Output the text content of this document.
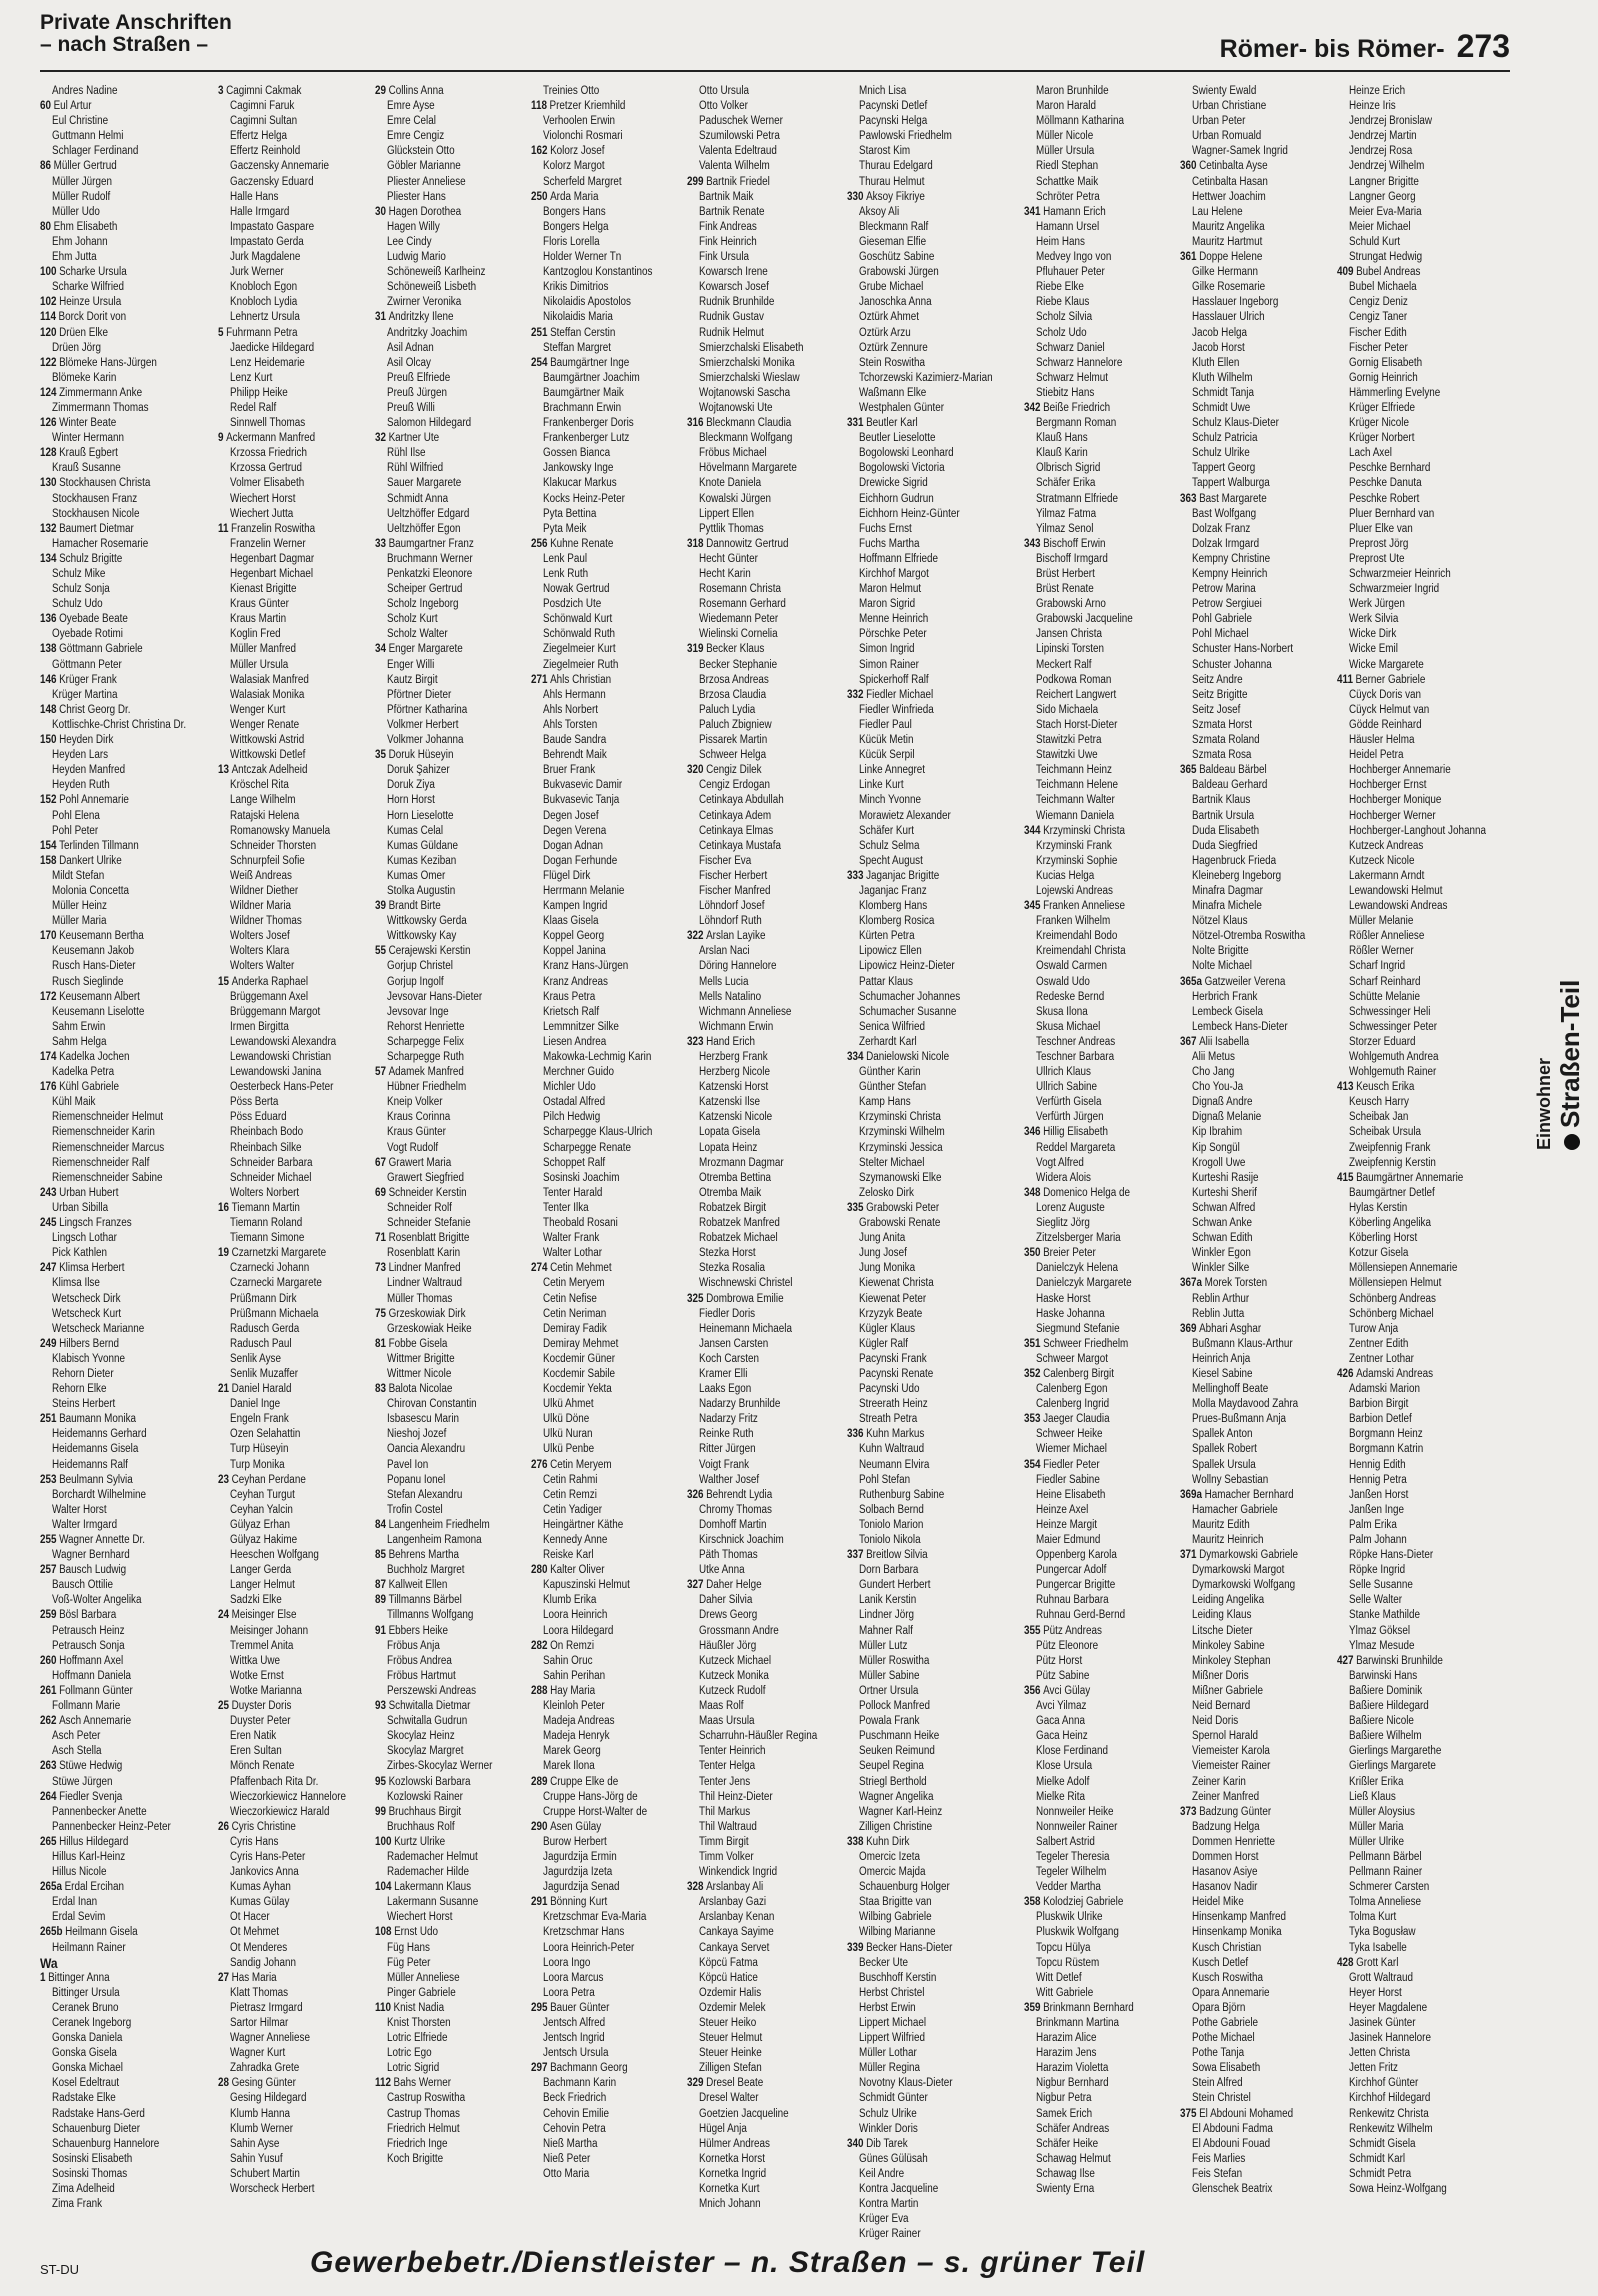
Private Anschriften
– nach Straßen –	Römer- bis Römer- 273
Andres Nadine
60 Eul Artur
Eul Christine
Guttmann Helmi
Schlager Ferdinand
86 Müller Gertrud
Müller Jürgen
Müller Rudolf
Müller Udo
80 Ehm Elisabeth
Ehm Johann
Ehm Jutta
100 Scharke Ursula
Scharke Wilfried
102 Heinze Ursula
114 Borck Dorit von
120 Drüen Elke
Drüen Jörg
122 Blömeke Hans-Jürgen
Blömeke Karin
124 Zimmermann Anke
Zimmermann Thomas
126 Winter Beate
Winter Hermann
128 Krauß Egbert
Krauß Susanne
130 Stockhausen Christa
Stockhausen Franz
Stockhausen Nicole
132 Baumert Dietmar
Hamacher Rosemarie
134 Schulz Brigitte
Schulz Mike
Schulz Sonja
Schulz Udo
136 Oyebade Beate
Oyebade Rotimi
138 Göttmann Gabriele
Göttmann Peter
146 Krüger Frank
Krüger Martina
148 Christ Georg Dr.
Kottlischke-Christ Christina Dr.
150 Heyden Dirk
Heyden Lars
Heyden Manfred
Heyden Ruth
152 Pohl Annemarie
Pohl Elena
Pohl Peter
154 Terlinden Tillmann
158 Dankert Ulrike
Mildt Stefan
Molonia Concetta
Müller Heinz
Müller Maria
170 Keusemann Bertha
Keusemann Jakob
Rusch Hans-Dieter
Rusch Sieglinde
172 Keusemann Albert
Keusemann Liselotte
Sahm Erwin
Sahm Helga
174 Kadelka Jochen
Kadelka Petra
176 Kühl Gabriele
Kühl Maik
Riemenschneider Helmut
Riemenschneider Karin
Riemenschneider Marcus
Riemenschneider Ralf
Riemenschneider Sabine
243 Urban Hubert
Urban Sibilla
245 Lingsch Franzes
Lingsch Lothar
Pick Kathlen
247 Klimsa Herbert
Klimsa Ilse
Wetscheck Dirk
Wetscheck Kurt
Wetscheck Marianne
249 Hilbers Bernd
Klabisch Yvonne
Rehorn Dieter
Rehorn Elke
Steins Herbert
251 Baumann Monika
Heidemanns Gerhard
Heidemanns Gisela
Heidemanns Ralf
253 Beulmann Sylvia
Borchardt Wilhelmine
Walter Horst
Walter Irmgard
255 Wagner Annette Dr.
Wagner Bernhard
257 Bausch Ludwig
Bausch Ottilie
Voß-Wolter Angelika
259 Bösl Barbara
Petrausch Heinz
Petrausch Sonja
260 Hoffmann Axel
Hoffmann Daniela
261 Follmann Günter
Follmann Marie
262 Asch Annemarie
Asch Peter
Asch Stella
263 Stüwe Hedwig
Stüwe Jürgen
264 Fiedler Svenja
Pannenbecker Anette
Pannenbecker Heinz-Peter
265 Hillus Hildegard
Hillus Karl-Heinz
Hillus Nicole
265a Erdal Ercihan
Erdal Inan
Erdal Sevim
265b Heilmann Gisela
Heilmann Rainer
Wa
1 Bittinger Anna
Bittinger Ursula
Ceranek Bruno
Ceranek Ingeborg
Gonska Daniela
Gonska Gisela
Gonska Michael
Kosel Edeltraut
Radstake Elke
Radstake Hans-Gerd
Schauenburg Dieter
Schauenburg Hannelore
Sosinski Elisabeth
Sosinski Thomas
Zima Adelheid
Zima Frank
3 Cagimni Cakmak
Cagimni Faruk
Cagimni Sultan
Effertz Helga
Effertz Reinhold
Gaczensky Annemarie
Gaczensky Eduard
Halle Hans
Halle Irmgard
Impastato Gaspare
Impastato Gerda
Jurk Magdalene
Jurk Werner
Knobloch Egon
Knobloch Lydia
Lehnertz Ursula
5 Fuhrmann Petra
Jaedicke Hildegard
Lenz Heidemarie
Lenz Kurt
Philipp Heike
Redel Ralf
Sinnwell Thomas
9 Ackermann Manfred
Krzossa Friedrich
Krzossa Gertrud
Volmer Elisabeth
Wiechert Horst
Wiechert Jutta
11 Franzelin Roswitha
Franzelin Werner
Hegenbart Dagmar
Hegenbart Michael
Kienast Brigitte
Kraus Günter
Kraus Martin
Koglin Fred
Müller Manfred
Müller Ursula
Walasiak Manfred
Walasiak Monika
Wenger Kurt
Wenger Renate
Wittkowski Astrid
Wittkowski Detlef
13 Antczak Adelheid
Kröschel Rita
Lange Wilhelm
Ratajski Helena
Romanowsky Manuela
Schneider Thorsten
Schnurpfeil Sofie
Weiß Andreas
Wildner Diether
Wildner Maria
Wildner Thomas
Wolters Josef
Wolters Klara
Wolters Walter
15 Anderka Raphael
Brüggemann Axel
Brüggemann Margot
Irmen Birgitta
Lewandowski Alexandra
Lewandowski Christian
Lewandowski Janina
Oesterbeck Hans-Peter
Pöss Berta
Pöss Eduard
Rheinbach Bodo
Rheinbach Silke
Schneider Barbara
Schneider Michael
Wolters Norbert
16 Tiemann Martin
Tiemann Roland
Tiemann Simone
19 Czarnetzki Margarete
Czarnecki Johann
Czarnecki Margarete
Prüßmann Dirk
Prüßmann Michaela
Radusch Gerda
Radusch Paul
Senlik Ayse
Senlik Muzaffer
21 Daniel Harald
Daniel Inge
Engeln Frank
Özen Selahattin
Turp Hüseyin
Turp Monika
23 Ceyhan Perdane
Ceyhan Turgut
Ceyhan Yalcin
Gülyaz Erhan
Gülyaz Hakime
Heeschen Wolfgang
Langer Gerda
Langer Helmut
Sadzki Elke
24 Meisinger Else
Meisinger Johann
Tremmel Anita
Wittka Uwe
Wotke Ernst
Wotke Marianna
25 Duyster Doris
Duyster Peter
Eren Natik
Eren Sultan
Mönch Renate
Pfaffenbach Rita Dr.
Wieczorkiewicz Hannelore
Wieczorkiewicz Harald
26 Cyris Christine
Cyris Hans
Cyris Hans-Peter
Jankovics Anna
Kumas Ayhan
Kumas Gülay
Ot Hacer
Ot Mehmet
Ot Menderes
Sandig Johann
27 Has Maria
Klatt Thomas
Pietrasz Irmgard
Sartor Hilmar
Wagner Anneliese
Wagner Kurt
Zahradka Grete
28 Gesing Günter
Gesing Hildegard
Klumb Hanna
Klumb Werner
Sahin Ayse
Sahin Yusuf
Schubert Martin
Worscheck Herbert
29 Collins Anna
Emre Ayse
Emre Celal
Emre Cengiz
Glückstein Otto
Göbler Marianne
Pliester Anneliese
Pliester Hans
30 Hagen Dorothea
Hagen Willy
Lee Cindy
Ludwig Mario
Schöneweiß Karlheinz
Schöneweiß Lisbeth
Zwirner Veronika
31 Andritzky Ilene
Andritzky Joachim
Asil Adnan
Asil Olcay
Preuß Elfriede
Preuß Jürgen
Preuß Willi
Salomon Hildegard
32 Kartner Ute
Rühl Ilse
Rühl Wilfried
Sauer Margarete
Schmidt Anna
Ueltzhöffer Edgard
Ueltzhöffer Egon
33 Baumgartner Franz
Bruchmann Werner
Penkatzki Eleonore
Scheiper Gertrud
Scholz Ingeborg
Scholz Kurt
Scholz Walter
34 Enger Margarete
Enger Willi
Kautz Birgit
Pförtner Dieter
Pförtner Katharina
Volkmer Herbert
Volkmer Johanna
35 Doruk Hüseyin
Doruk Şahizer
Doruk Ziya
Horn Horst
Horn Lieselotte
Kumas Celal
Kumas Güldane
Kumas Keziban
Kumas Ömer
Stolka Augustin
39 Brandt Birte
Wittkowsky Gerda
Wittkowsky Kay
55 Cerajewski Kerstin
Gorjup Christel
Gorjup Ingolf
Jevsovar Hans-Dieter
Jevsovar Inge
Rehorst Henriette
Scharpegge Felix
Scharpegge Ruth
57 Adamek Manfred
Hübner Friedhelm
Kneip Volker
Kraus Corinna
Kraus Günter
Vogt Rudolf
67 Grawert Maria
Grawert Siegfried
69 Schneider Kerstin
Schneider Rolf
Schneider Stefanie
71 Rosenblatt Brigitte
Rosenblatt Karin
73 Lindner Manfred
Lindner Waltraud
Müller Thomas
75 Grzeskowiak Dirk
Grzeskowiak Heike
81 Fobbe Gisela
Wittmer Brigitte
Wittmer Nicole
83 Balota Nicolae
Chirovan Constantin
Isbasescu Marin
Nieshoj Jozef
Oancia Alexandru
Pavel Ion
Popanu Ionel
Stefan Alexandru
Trofin Costel
84 Langenheim Friedhelm
Langenheim Ramona
85 Behrens Martha
Buchholz Margret
87 Kallweit Ellen
89 Tillmanns Bärbel
Tillmanns Wolfgang
91 Ebbers Heike
Fröbus Anja
Fröbus Andrea
Fröbus Hartmut
Perszewski Andreas
93 Schwitalla Dietmar
Schwitalla Gudrun
Skocylaz Heinz
Skocylaz Margret
Zirbes-Skocylaz Werner
95 Kozlowski Barbara
Kozlowski Rainer
99 Bruchhaus Birgit
Bruchhaus Rolf
100 Kurtz Ulrike
Rademacher Helmut
Rademacher Hilde
104 Lakermann Klaus
Lakermann Susanne
Wiechert Horst
108 Ernst Udo
Füg Hans
Füg Peter
Müller Anneliese
Pinger Gabriele
110 Knist Nadia
Knist Thorsten
Lotric Elfriede
Lotric Ego
Lotric Sigrid
112 Bahs Werner
Castrup Roswitha
Castrup Thomas
Friedrich Helmut
Friedrich Inge
Koch Brigitte
Treinies Otto
118 Pretzer Kriemhild
Verhoolen Erwin
Violonchi Rosmari
162 Kolorz Josef
Kolorz Margot
Scherfeld Margret
250 Arda Maria
Bongers Hans
Bongers Helga
Floris Lorella
Holder Werner Tn
Kantzoglou Konstantinos
Krikis Dimitrios
Nikolaidis Apostolos
Nikolaidis Maria
251 Steffan Cerstin
Steffan Margret
254 Baumgärtner Inge
Baumgärtner Joachim
Baumgärtner Maik
Brachmann Erwin
Frankenberger Doris
Frankenberger Lutz
Gossen Bianca
Jankowsky Inge
Klakucar Markus
Kocks Heinz-Peter
Pyta Bettina
Pyta Meik
256 Kuhne Renate
Lenk Paul
Lenk Ruth
Nowak Gertrud
Posdzich Ute
Schönwald Kurt
Schönwald Ruth
Ziegelmeier Kurt
Ziegelmeier Ruth
271 Ahls Christian
Ahls Hermann
Ahls Norbert
Ahls Torsten
Baude Sandra
Behrendt Maik
Bruer Frank
Bukvasevic Damir
Bukvasevic Tanja
Degen Josef
Degen Verena
Dogan Adnan
Dogan Ferhunde
Flügel Dirk
Herrmann Melanie
Kampen Ingrid
Klaas Gisela
Koppel Georg
Koppel Janina
Kranz Hans-Jürgen
Kranz Andreas
Kraus Petra
Krietsch Ralf
Lemmnitzer Silke
Liesen Andrea
Makowka-Lechmig Karin
Merchner Guido
Michler Udo
Ostadal Alfred
Pilch Hedwig
Scharpegge Klaus-Ulrich
Scharpegge Renate
Schoppet Ralf
Sosinski Joachim
Tenter Harald
Tenter Ilka
Theobald Rosani
Walter Frank
Walter Lothar
274 Cetin Mehmet
Cetin Meryem
Cetin Nefise
Cetin Neriman
Demiray Fadik
Demiray Mehmet
Kocdemir Güner
Kocdemir Sabile
Kocdemir Yekta
Ülkü Ahmet
Ülkü Döne
Ülkü Nuran
Ülkü Penbe
276 Cetin Meryem
Cetin Rahmi
Cetin Remzi
Cetin Yadiger
Heingärtner Käthe
Kennedy Anne
Reiske Karl
280 Kalter Oliver
Kapuszinski Helmut
Klumb Erika
Loora Heinrich
Loora Hildegard
282 On Remzi
Sahin Oruc
Sahin Perihan
288 Hay Maria
Kleinloh Peter
Madeja Andreas
Madeja Henryk
Marek Georg
Marek Ilona
289 Cruppe Elke de
Cruppe Hans-Jörg de
Cruppe Horst-Walter de
290 Asen Gülay
Burow Herbert
Jagurdzija Ermin
Jagurdzija Izeta
Jagurdzija Senad
291 Bönning Kurt
Kretzschmar Eva-Maria
Kretzschmar Hans
Loora Heinrich-Peter
Loora Ingo
Loora Marcus
Loora Petra
295 Bauer Günter
Jentsch Alfred
Jentsch Ingrid
Jentsch Ursula
297 Bachmann Georg
Bachmann Karin
Beck Friedrich
Cehovin Emilie
Cehovin Petra
Nieß Martha
Nieß Peter
Otto Maria
Otto Ursula
Otto Volker
Paduschek Werner
Szumilowski Petra
Valenta Edeltraud
Valenta Wilhelm
299 Bartnik Friedel
Bartnik Maik
Bartnik Renate
Fink Andreas
Fink Heinrich
Fink Ursula
Kowarsch Irene
Kowarsch Josef
Rudnik Brunhilde
Rudnik Gustav
Rudnik Helmut
Smierzchalski Elisabeth
Smierzchalski Monika
Smierzchalski Wieslaw
Wojtanowski Sascha
Wojtanowski Ute
316 Bleckmann Claudia
Bleckmann Wolfgang
Fröbus Michael
Hövelmann Margarete
Knote Daniela
Kowalski Jürgen
Lippert Ellen
Pyttlik Thomas
318 Dannowitz Gertrud
Hecht Günter
Hecht Karin
Rosemann Christa
Rosemann Gerhard
Wiedemann Peter
Wielinski Cornelia
319 Becker Klaus
Becker Stephanie
Brzosa Andreas
Brzosa Claudia
Paluch Lydia
Paluch Zbigniew
Pissarek Martin
Schweer Helga
320 Cengiz Dilek
Cengiz Erdogan
Cetinkaya Abdullah
Cetinkaya Adem
Cetinkaya Elmas
Cetinkaya Mustafa
Fischer Eva
Fischer Herbert
Fischer Manfred
Löhndorf Josef
Löhndorf Ruth
322 Arslan Layike
Arslan Naci
Döring Hannelore
Mells Lucia
Mells Natalino
Wichmann Anneliese
Wichmann Erwin
323 Hand Erich
Herzberg Frank
Herzberg Nicole
Katzenski Horst
Katzenski Ilse
Katzenski Nicole
Lopata Gisela
Lopata Heinz
Mrozmann Dagmar
Otremba Bettina
Otremba Maik
Robatzek Birgit
Robatzek Manfred
Robatzek Michael
Stezka Horst
Stezka Rosalia
Wischnewski Christel
325 Dombrowa Emilie
Fiedler Doris
Heinemann Michaela
Jansen Carsten
Koch Carsten
Kramer Elli
Laaks Egon
Nadarzy Brunhilde
Nadarzy Fritz
Reinke Ruth
Ritter Jürgen
Voigt Frank
Walther Josef
326 Behrendt Lydia
Chromy Thomas
Domhoff Martin
Kirschnick Joachim
Päth Thomas
Utke Anna
327 Daher Helge
Daher Silvia
Drews Georg
Grossmann Andre
Häußler Jörg
Kutzeck Michael
Kutzeck Monika
Kutzeck Rudolf
Maas Rolf
Maas Ursula
Scharruhn-Häußler Regina
Tenter Heinrich
Tenter Helga
Tenter Jens
Thil Heinz-Dieter
Thil Markus
Thil Waltraud
Timm Birgit
Timm Volker
Winkendick Ingrid
328 Arslanbay Ali
Arslanbay Gazi
Arslanbay Kenan
Cankaya Sayime
Cankaya Servet
Köpcü Fatma
Köpcü Hatice
Özdemir Halis
Özdemir Melek
Steuer Heiko
Steuer Helmut
Steuer Heinke
Zilligen Stefan
329 Dresel Beate
Dresel Walter
Goetzien Jacqueline
Hügel Anja
Hülmer Andreas
Kornetka Horst
Kornetka Ingrid
Kornetka Kurt
Mnich Johann
Mnich Lisa
Pacynski Detlef
Pacynski Helga
Pawlowski Friedhelm
Starost Kim
Thurau Edelgard
Thurau Helmut
330 Aksoy Fikriye
Aksoy Ali
Bleckmann Ralf
Gieseman Elfie
Goschütz Sabine
Grabowski Jürgen
Grube Michael
Janoschka Anna
Öztürk Ahmet
Öztürk Arzu
Öztürk Zennure
Stein Roswitha
Tchorzewski Kazimierz-Marian
Waßmann Elke
Westphalen Günter
331 Beutler Karl
Beutler Lieselotte
Bogolowski Leonhard
Bogolowski Victoria
Drewicke Sigrid
Eichhorn Gudrun
Eichhorn Heinz-Günter
Fuchs Ernst
Fuchs Martha
Hoffmann Elfriede
Kirchhof Margot
Maron Helmut
Maron Sigrid
Menne Heinrich
Pörschke Peter
Simon Ingrid
Simon Rainer
Spickerhoff Ralf
332 Fiedler Michael
Fiedler Winfrieda
Fiedler Paul
Kücük Metin
Kücük Serpil
Linke Annegret
Linke Kurt
Minch Yvonne
Morawietz Alexander
Schäfer Kurt
Schulz Selma
Specht August
333 Jaganjac Brigitte
Jaganjac Franz
Klomberg Hans
Klomberg Rosica
Kürten Petra
Lipowicz Ellen
Lipowicz Heinz-Dieter
Pattar Klaus
Schumacher Johannes
Schumacher Susanne
Senica Wilfried
Zerhardt Karl
334 Danielowski Nicole
Günther Karin
Günther Stefan
Kamp Hans
Krzyminski Christa
Krzyminski Wilhelm
Krzyminski Jessica
Stelter Michael
Szymanowski Elke
Zelosko Dirk
335 Grabowski Peter
Grabowski Renate
Jung Anita
Jung Josef
Jung Monika
Kiewenat Christa
Kiewenat Peter
Krzyzyk Beate
Kügler Klaus
Kügler Ralf
Pacynski Frank
Pacynski Renate
Pacynski Udo
Streerath Heinz
Streath Petra
336 Kuhn Markus
Kuhn Waltraud
Neumann Elvira
Pohl Stefan
Ruthenburg Sabine
Solbach Bernd
Toniolo Marion
Toniolo Nikola
337 Breitlow Silvia
Dorn Barbara
Gundert Herbert
Lanik Kerstin
Lindner Jörg
Mahner Ralf
Müller Lutz
Müller Roswitha
Müller Sabine
Ortner Ursula
Pollock Manfred
Powala Frank
Puschmann Heike
Seuken Reimund
Seupel Regina
Striegl Berthold
Wagner Angelika
Wagner Karl-Heinz
Zilligen Christine
338 Kuhn Dirk
Omercic Izeta
Omercic Majda
Schauenburg Holger
Staa Brigitte van
Wilbing Gabriele
Wilbing Marianne
339 Becker Hans-Dieter
Becker Ute
Buschhoff Kerstin
Herbst Christel
Herbst Erwin
Lippert Michael
Lippert Wilfried
Müller Lothar
Müller Regina
Novotny Klaus-Dieter
Schmidt Günter
Schulz Ulrike
Winkler Doris
340 Dib Tarek
Günes Gülüsah
Keil Andre
Kontra Jacqueline
Kontra Martin
Krüger Eva
Krüger Rainer
Maron Brunhilde
Maron Harald
Möllmann Katharina
Müller Nicole
Müller Ursula
Riedl Stephan
Schattke Maik
Schröter Petra
341 Hamann Erich
Hamann Ursel
Heim Hans
Medvey Ingo von
Pfluhauer Peter
Riebe Elke
Riebe Klaus
Scholz Silvia
Scholz Udo
Schwarz Daniel
Schwarz Hannelore
Schwarz Helmut
Stiebitz Hans
342 Beiße Friedrich
Bergmann Roman
Klauß Hans
Klauß Karin
Olbrisch Sigrid
Schäfer Erika
Stratmann Elfriede
Yilmaz Fatma
Yilmaz Senol
343 Bischoff Erwin
Bischoff Irmgard
Brüst Herbert
Brüst Renate
Grabowski Arno
Grabowski Jacqueline
Jansen Christa
Lipinski Torsten
Meckert Ralf
Podkowa Roman
Reichert Langwert
Sido Michaela
Stach Horst-Dieter
Stawitzki Petra
Stawitzki Uwe
Teichmann Heinz
Teichmann Helene
Teichmann Walter
Wiemann Daniela
344 Krzyminski Christa
Krzyminski Frank
Krzyminski Sophie
Kucias Helga
Lojewski Andreas
345 Franken Anneliese
Franken Wilhelm
Kreimendahl Bodo
Kreimendahl Christa
Oswald Carmen
Oswald Udo
Redeske Bernd
Skusa Ilona
Skusa Michael
Teschner Andreas
Teschner Barbara
Ullrich Klaus
Ullrich Sabine
Verfürth Gisela
Verfürth Jürgen
346 Hillig Elisabeth
Reddel Margareta
Vogt Alfred
Widera Alois
348 Domenico Helga de
Lorenz Auguste
Sieglitz Jörg
Zitzelsberger Maria
350 Breier Peter
Danielczyk Helena
Danielczyk Margarete
Haske Horst
Haske Johanna
Siegmund Stefanie
351 Schweer Friedhelm
Schweer Margot
352 Calenberg Birgit
Calenberg Egon
Calenberg Ingrid
353 Jaeger Claudia
Schweer Heike
Wiemer Michael
354 Fiedler Peter
Fiedler Sabine
Heine Elisabeth
Heinze Axel
Heinze Margit
Maier Edmund
Oppenberg Karola
Pungercar Adolf
Pungercar Brigitte
Ruhnau Barbara
Ruhnau Gerd-Bernd
355 Pütz Andreas
Pütz Eleonore
Pütz Horst
Pütz Sabine
356 Avci Gülay
Avci Yilmaz
Gaca Anna
Gaca Heinz
Klose Ferdinand
Klose Ursula
Mielke Adolf
Mielke Rita
Nonnweiler Heike
Nonnweiler Rainer
Salbert Astrid
Tegeler Theresia
Tegeler Wilhelm
Vedder Martha
358 Kolodziej Gabriele
Pluskwik Ulrike
Pluskwik Wolfgang
Topcu Hülya
Topcu Rüstem
Witt Detlef
Witt Gabriele
359 Brinkmann Bernhard
Brinkmann Martina
Harazim Alice
Harazim Jens
Harazim Violetta
Nigbur Bernhard
Nigbur Petra
Samek Erich
Schäfer Andreas
Schäfer Heike
Schawag Helmut
Schawag Ilse
Swienty Erna
Swienty Ewald
Urban Christiane
Urban Peter
Urban Romuald
Wagner-Samek Ingrid
360 Cetinbalta Ayse
Cetinbalta Hasan
Hettwer Joachim
Lau Helene
Mauritz Angelika
Mauritz Hartmut
361 Doppe Helene
Gilke Hermann
Gilke Rosemarie
Hasslauer Ingeborg
Hasslauer Ulrich
Jacob Helga
Jacob Horst
Kluth Ellen
Kluth Wilhelm
Schmidt Tanja
Schmidt Uwe
Schulz Klaus-Dieter
Schulz Patricia
Schulz Ulrike
Tappert Georg
Tappert Walburga
363 Bast Margarete
Bast Wolfgang
Dolzak Franz
Dolzak Irmgard
Kempny Christine
Kempny Heinrich
Petrow Marina
Petrow Sergiuei
Pohl Gabriele
Pohl Michael
Schuster Hans-Norbert
Schuster Johanna
Seitz Andre
Seitz Brigitte
Seitz Josef
Szmata Horst
Szmata Roland
Szmata Rosa
365 Baldeau Bärbel
Baldeau Gerhard
Bartnik Klaus
Bartnik Ursula
Duda Elisabeth
Duda Siegfried
Hagenbruck Frieda
Kleineberg Ingeborg
Minafra Dagmar
Minafra Michele
Nötzel Klaus
Nötzel-Otremba Roswitha
Nolte Brigitte
Nolte Michael
365a Gatzweiler Verena
Herbrich Frank
Lembeck Gisela
Lembeck Hans-Dieter
367 Alii Isabella
Alii Metus
Cho Jang
Cho You-Ja
Dignaß Andre
Dignaß Melanie
Kip Ibrahim
Kip Songül
Krogoll Uwe
Kurteshi Rasije
Kurteshi Sherif
Schwan Alfred
Schwan Anke
Schwan Edith
Winkler Egon
Winkler Silke
367a Morek Torsten
Reblin Arthur
Reblin Jutta
369 Abhari Asghar
Bußmann Klaus-Arthur
Heinrich Anja
Kiesel Sabine
Mellinghoff Beate
Molla Maydavood Zahra
Prues-Bußmann Anja
Spallek Anton
Spallek Robert
Spallek Ursula
Wollny Sebastian
369a Hamacher Bernhard
Hamacher Gabriele
Mauritz Edith
Mauritz Heinrich
371 Dymarkowski Gabriele
Dymarkowski Margot
Dymarkowski Wolfgang
Leiding Angelika
Leiding Klaus
Litsche Dieter
Minkoley Sabine
Minkoley Stephan
Mißner Doris
Mißner Gabriele
Neid Bernard
Neid Doris
Spernol Harald
Viemeister Karola
Viemeister Rainer
Zeiner Karin
Zeiner Manfred
373 Badzung Günter
Badzung Helga
Dommen Henriette
Dommen Horst
Hasanov Asiye
Hasanov Nadir
Heidel Mike
Hinsenkamp Manfred
Hinsenkamp Monika
Kusch Christian
Kusch Detlef
Kusch Roswitha
Opara Annemarie
Opara Björn
Pothe Gabriele
Pothe Michael
Pothe Tanja
Sowa Elisabeth
Stein Alfred
Stein Christel
375 El Abdouni Mohamed
El Abdouni Fadma
El Abdouni Fouad
Feis Marlies
Feis Stefan
Glenschek Beatrix
Heinze Erich
Heinze Iris
Jendrzej Bronislaw
Jendrzej Martin
Jendrzej Rosa
Jendrzej Wilhelm
Langner Brigitte
Langner Georg
Meier Eva-Maria
Meier Michael
Schuld Kurt
Strungat Hedwig
409 Bubel Andreas
Bubel Michaela
Cengiz Deniz
Cengiz Taner
Fischer Edith
Fischer Peter
Gornig Elisabeth
Gornig Heinrich
Hämmerling Evelyne
Krüger Elfriede
Krüger Nicole
Krüger Norbert
Lach Axel
Peschke Bernhard
Peschke Danuta
Peschke Robert
Pluer Bernhard van
Pluer Elke van
Preprost Jörg
Preprost Ute
Schwarzmeier Heinrich
Schwarzmeier Ingrid
Werk Jürgen
Werk Silvia
Wicke Dirk
Wicke Emil
Wicke Margarete
411 Berner Gabriele
Cüyck Doris van
Cüyck Helmut van
Gödde Reinhard
Häusler Helma
Heidel Petra
Hochberger Annemarie
Hochberger Ernst
Hochberger Monique
Hochberger Werner
Hochberger-Langhout Johanna
Kutzeck Andreas
Kutzeck Nicole
Lakermann Arndt
Lewandowski Helmut
Lewandowski Andreas
Müller Melanie
Rößler Anneliese
Rößler Werner
Scharf Ingrid
Scharf Reinhard
Schütte Melanie
Schwessinger Heli
Schwessinger Peter
Storzer Eduard
Wohlgemuth Andrea
Wohlgemuth Rainer
413 Keusch Erika
Keusch Harry
Scheibak Jan
Scheibak Ursula
Zweipfennig Frank
Zweipfennig Kerstin
415 Baumgärtner Annemarie
Baumgärtner Detlef
Hylas Kerstin
Köberling Angelika
Köberling Horst
Kotzur Gisela
Möllensiepen Annemarie
Möllensiepen Helmut
Schönberg Andreas
Schönberg Michael
Turow Anja
Zentner Edith
Zentner Lothar
426 Adamski Andreas
Adamski Marion
Barbion Birgit
Barbion Detlef
Borgmann Heinz
Borgmann Katrin
Hennig Edith
Hennig Petra
Janßen Horst
Janßen Inge
Palm Erika
Palm Johann
Röpke Hans-Dieter
Röpke Ingrid
Selle Susanne
Selle Walter
Stanke Mathilde
Ylmaz Göksel
Ylmaz Mesude
427 Barwinski Brunhilde
Barwinski Hans
Baßiere Dominik
Baßiere Hildegard
Baßiere Nicole
Baßiere Wilhelm
Gierlings Margarethe
Gierlings Margarete
Krißler Erika
Ließ Klaus
Müller Aloysius
Müller Maria
Müller Ulrike
Pellmann Bärbel
Pellmann Rainer
Schmerer Carsten
Tolma Anneliese
Tolma Kurt
Tyka Bogusław
Tyka Isabelle
428 Grott Karl
Grott Waltraud
Heyer Horst
Heyer Magdalene
Jasinek Günter
Jasinek Hannelore
Jetten Christa
Jetten Fritz
Kirchhof Günter
Kirchhof Hildegard
Renkewitz Christa
Renkewitz Wilhelm
Schmidt Gisela
Schmidt Karl
Schmidt Petra
Sowa Heinz-Wolfgang
Einwohner Straßen-Teil
ST-DU	Gewerbebetr./Dienstleister – n. Straßen – s. grüner Teil
